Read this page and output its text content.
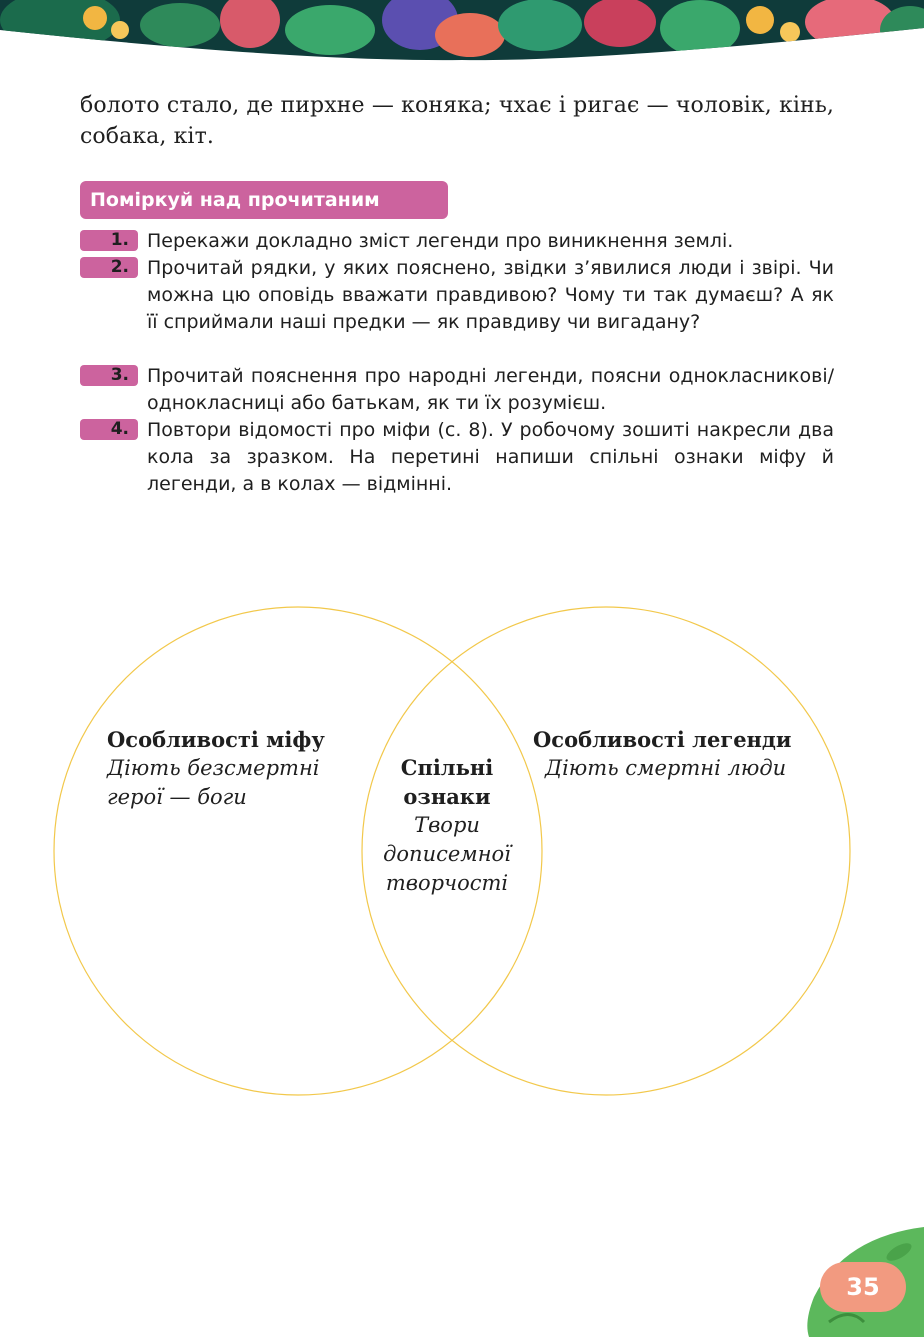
болото стало, де пирхне — коняка; чхає і ригає — чоловік, кінь, собака, кіт.
Поміркуй над прочитаним
1. Перекажи докладно зміст легенди про виникнення землі.
2. Прочитай рядки, у яких пояснено, звідки з’явилися люди і звірі. Чи можна цю оповідь вважати правдивою? Чому ти так думаєш? А як її сприймали наші предки — як правдиву чи вигадану?
3. Прочитай пояснення про народні легенди, поясни однокласникові/однокласниці або батькам, як ти їх розумієш.
4. Повтори відомості про міфи (с. 8). У робочому зошиті накресли два кола за зразком. На перетині напиши спільні ознаки міфу й легенди, а в колах — відмінні.
Особливості міфу
Діють безсмертні герої — боги
Спільні
ознаки
Твори
дописемної
творчості
Особливості легенди
Діють смертні люди
35
